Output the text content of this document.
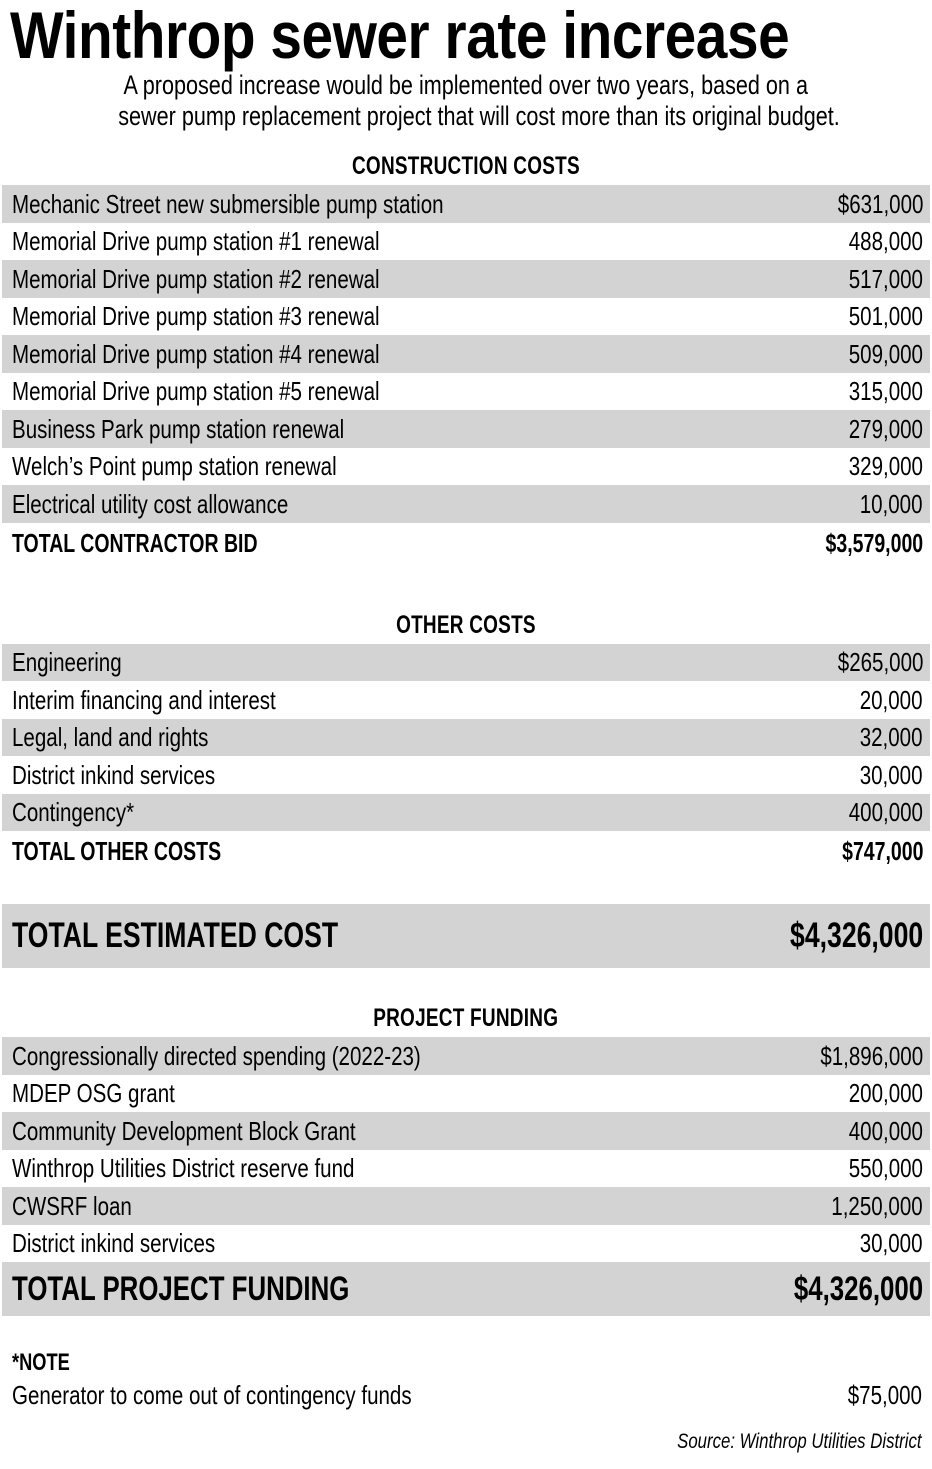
Winthrop sewer rate increase
A proposed increase would be implemented over two years, based on a
sewer pump replacement project that will cost more than its original budget.
CONSTRUCTION COSTS
Mechanic Street new submersible pump station	$631,000
Memorial Drive pump station #1 renewal	488,000
Memorial Drive pump station #2 renewal	517,000
Memorial Drive pump station #3 renewal	501,000
Memorial Drive pump station #4 renewal	509,000
Memorial Drive pump station #5 renewal	315,000
Business Park pump station renewal	279,000
Welch’s Point pump station renewal	329,000
Electrical utility cost allowance	10,000
TOTAL CONTRACTOR BID	$3,579,000
OTHER COSTS
Engineering	$265,000
Interim financing and interest	20,000
Legal, land and rights	32,000
District inkind services	30,000
Contingency*	400,000
TOTAL OTHER COSTS	$747,000
TOTAL ESTIMATED COST	$4,326,000
PROJECT FUNDING
Congressionally directed spending (2022-23)	$1,896,000
MDEP OSG grant	200,000
Community Development Block Grant	400,000
Winthrop Utilities District reserve fund	550,000
CWSRF loan	1,250,000
District inkind services	30,000
TOTAL PROJECT FUNDING	$4,326,000
*NOTE
Generator to come out of contingency funds	$75,000
Source: Winthrop Utilities District
